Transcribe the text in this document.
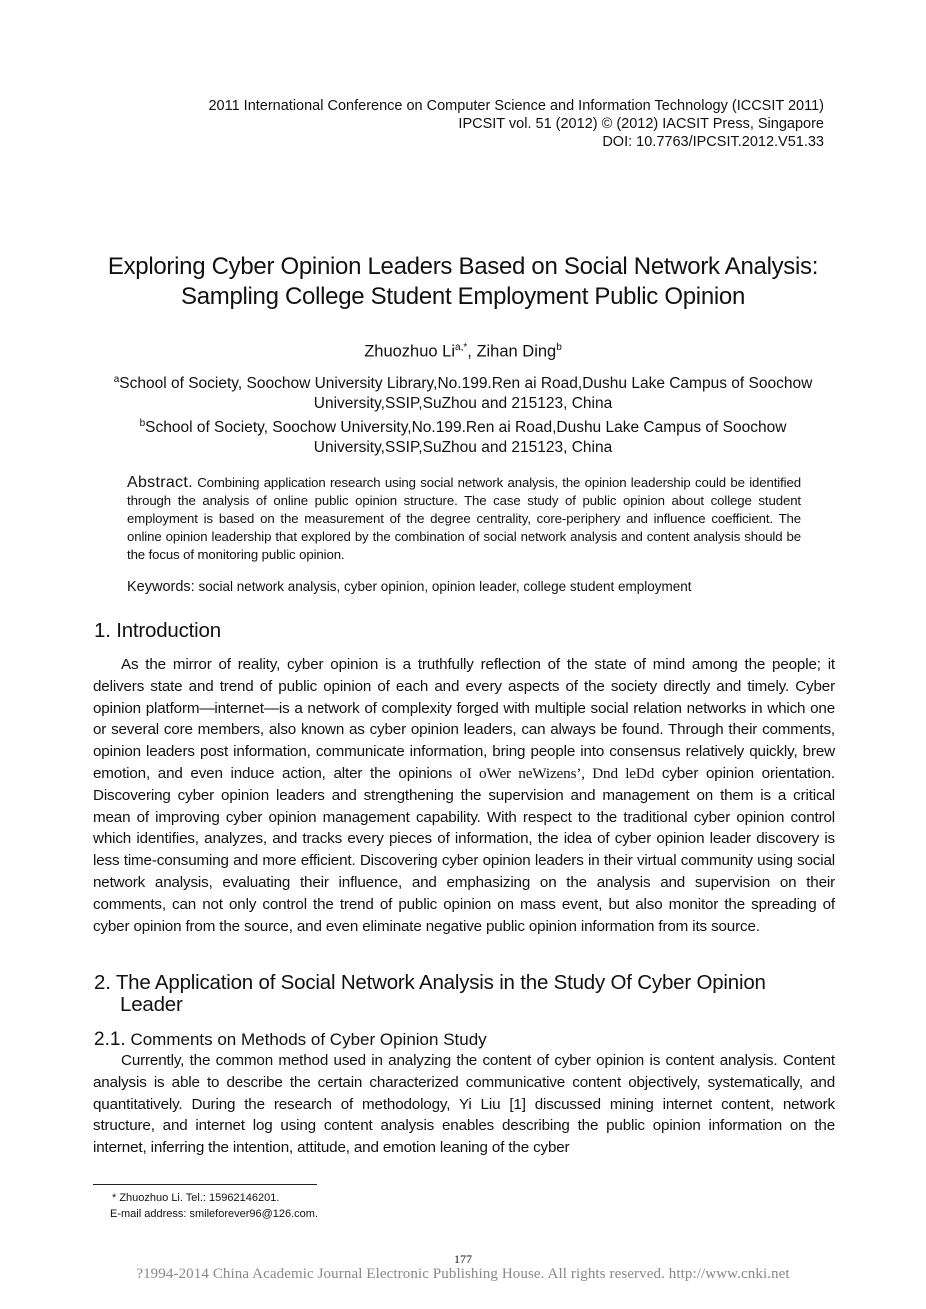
2011 International Conference on Computer Science and Information Technology (ICCSIT 2011)
IPCSIT vol. 51 (2012) © (2012) IACSIT Press, Singapore
DOI: 10.7763/IPCSIT.2012.V51.33
Exploring Cyber Opinion Leaders Based on Social Network Analysis:
Sampling College Student Employment Public Opinion
Zhuozhuo $Li^{a,*}$, Zihan Ding$^b$
$^a$School of Society, Soochow University Library,No.199.Ren ai Road,Dushu Lake Campus of Soochow
University,SSIP,SuZhou and 215123, China
$^b$School of Society, Soochow University,No.199.Ren ai Road,Dushu Lake Campus of Soochow
University,SSIP,SuZhou and 215123, China
Abstract. Combining application research using social network analysis, the opinion leadership could be identified through the analysis of online public opinion structure. The case study of public opinion about college student employment is based on the measurement of the degree centrality, core-periphery and influence coefficient. The online opinion leadership that explored by the combination of social network analysis and content analysis should be the focus of monitoring public opinion.
Keywords: social network analysis, cyber opinion, opinion leader, college student employment
1. Introduction
As the mirror of reality, cyber opinion is a truthfully reflection of the state of mind among the people; it delivers state and trend of public opinion of each and every aspects of the society directly and timely. Cyber opinion platform—internet—is a network of complexity forged with multiple social relation networks in which one or several core members, also known as cyber opinion leaders, can always be found. Through their comments, opinion leaders post information, communicate information, bring people into consensus relatively quickly, brew emotion, and even induce action, alter the opinions oI oWer neWizens’, Dnd leDd cyber opinion orientation. Discovering cyber opinion leaders and strengthening the supervision and management on them is a critical mean of improving cyber opinion management capability. With respect to the traditional cyber opinion control which identifies, analyzes, and tracks every pieces of information, the idea of cyber opinion leader discovery is less time-consuming and more efficient. Discovering cyber opinion leaders in their virtual community using social network analysis, evaluating their influence, and emphasizing on the analysis and supervision on their comments, can not only control the trend of public opinion on mass event, but also monitor the spreading of cyber opinion from the source, and even eliminate negative public opinion information from its source.
2. The Application of Social Network Analysis in the Study Of Cyber Opinion
Leader
2.1. Comments on Methods of Cyber Opinion Study
Currently, the common method used in analyzing the content of cyber opinion is content analysis. Content analysis is able to describe the certain characterized communicative content objectively, systematically, and quantitatively. During the research of methodology, Yi Liu [1] discussed mining internet content, network structure, and internet log using content analysis enables describing the public opinion information on the internet, inferring the intention, attitude, and emotion leaning of the cyber
* Zhuozhuo Li. Tel.: 15962146201.
E-mail address: smileforever96@126.com.
177
?1994-2014 China Academic Journal Electronic Publishing House. All rights reserved. http://www.cnki.net
